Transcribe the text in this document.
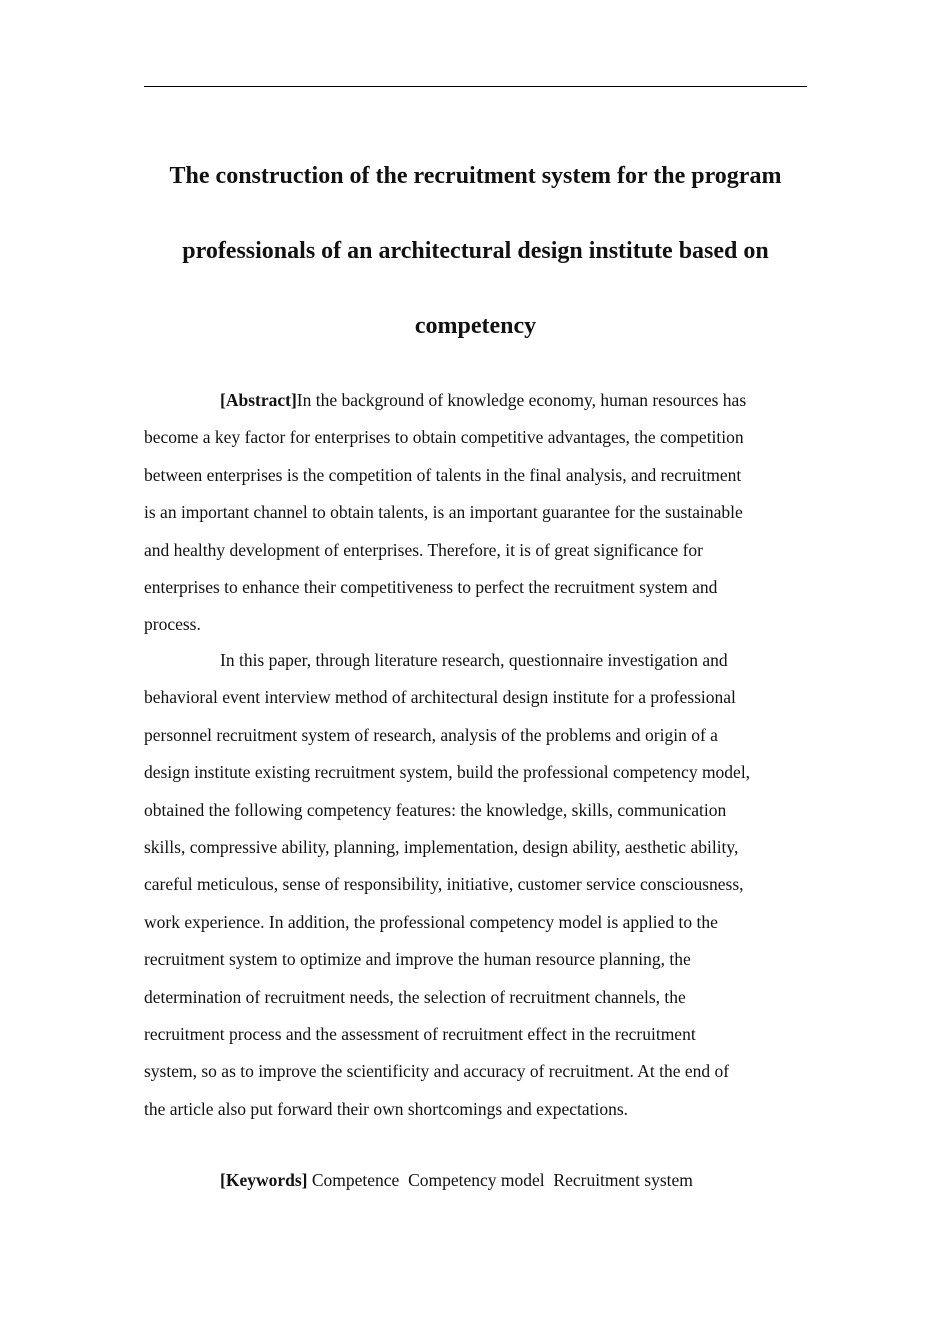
The construction of the recruitment system for the program
professionals of an architectural design institute based on
competency
[Abstract]In the background of knowledge economy, human resources has
become a key factor for enterprises to obtain competitive advantages, the competition
between enterprises is the competition of talents in the final analysis, and recruitment
is an important channel to obtain talents, is an important guarantee for the sustainable
and healthy development of enterprises. Therefore, it is of great significance for
enterprises to enhance their competitiveness to perfect the recruitment system and
process.
In this paper, through literature research, questionnaire investigation and
behavioral event interview method of architectural design institute for a professional
personnel recruitment system of research, analysis of the problems and origin of a
design institute existing recruitment system, build the professional competency model,
obtained the following competency features: the knowledge, skills, communication
skills, compressive ability, planning, implementation, design ability, aesthetic ability,
careful meticulous, sense of responsibility, initiative, customer service consciousness,
work experience. In addition, the professional competency model is applied to the
recruitment system to optimize and improve the human resource planning, the
determination of recruitment needs, the selection of recruitment channels, the
recruitment process and the assessment of recruitment effect in the recruitment
system, so as to improve the scientificity and accuracy of recruitment. At the end of
the article also put forward their own shortcomings and expectations.
[Keywords] Competence Competency model Recruitment system
